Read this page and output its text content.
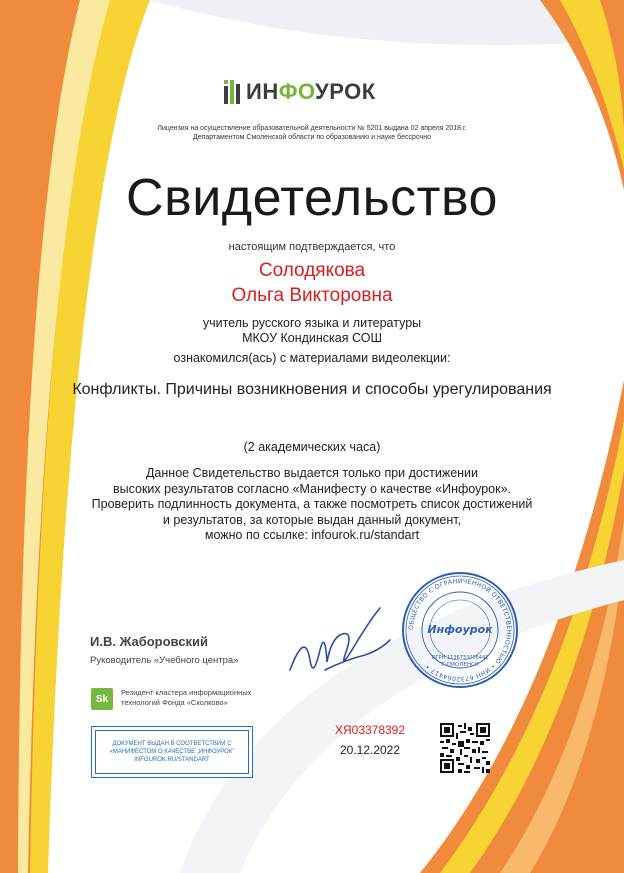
ИНФОУРОК
Лицензия на осуществление образовательной деятельности № 5201 выдана 02 апреля 2018 г.
Департаментом Смоленской области по образованию и науке бессрочно
Свидетельство
настоящим подтверждается, что
Солодякова
Ольга Викторовна
учитель русского языка и литературы
МКОУ Кондинская СОШ
ознакомился(ась) с материалами видеолекции:
Конфликты. Причины возникновения и способы урегулирования
(2 академических часа)
Данное Свидетельство выдается только при достижении
высоких результатов согласно «Манифесту о качестве «Инфоурок».
Проверить подлинность документа, а также посмотреть список достижений
и результатов, за которые выдан данный документ,
можно по ссылке: infourok.ru/standart
И.В. Жаборовский
Руководитель «Учебного центра»
Sk
Резидент кластера информационных
технологий Фонда «Сколково»
ДОКУМЕНТ ВЫДАН В СООТВЕТСТВИИ С
«МАНИФЕСТОМ О КАЧЕСТВЕ „ИНФОУРОК"
INFOUROK.RU/STANDART
ХЯ03378392
20.12.2022
ОБЩЕСТВО С ОГРАНИЧЕННОЙ ОТВЕТСТВЕННОСТЬЮ • ИНН 6732064417 •
Инфоурок
Г.СМОЛЕНСК
ОГРН 1136733006441
